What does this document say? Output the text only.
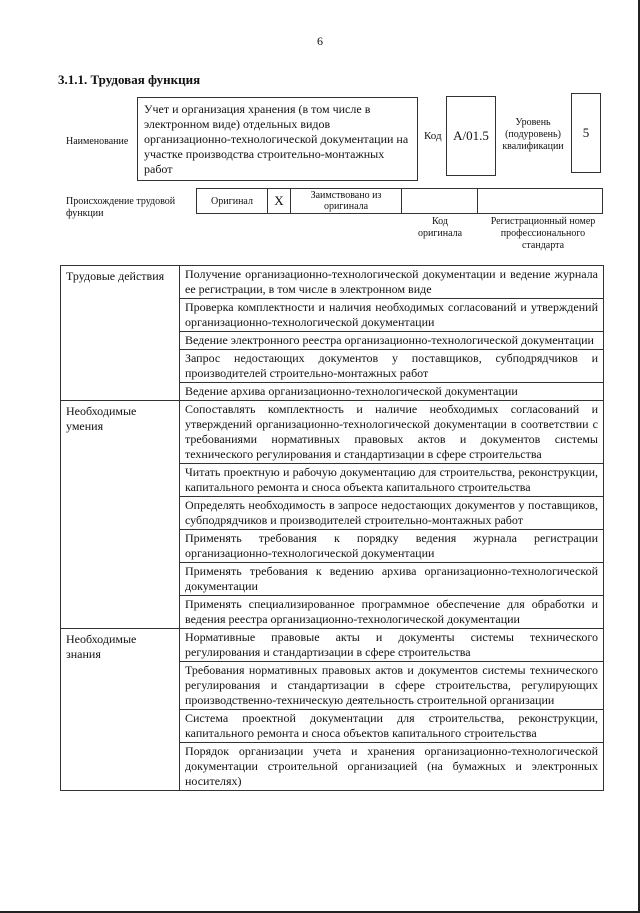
6
3.1.1. Трудовая функция
Наименование
Учет и организация хранения (в том числе в электронном виде) отдельных видов организационно-технологической документации на участке производства строительно-монтажных работ
Код A/01.5
Уровень (подуровень) квалификации
5
Происхождение трудовой функции
Оригинал	X	Заимствовано из оригинала		
Код оригинала
Регистрационный номер профессионального стандарта
Трудовые действия	Получение организационно-технологической документации и ведение журнала ее регистрации, в том числе в электронном виде
	Проверка комплектности и наличия необходимых согласований и утверждений организационно-технологической документации
	Ведение электронного реестра организационно-технологической документации
	Запрос недостающих документов у поставщиков, субподрядчиков и производителей строительно-монтажных работ
	Ведение архива организационно-технологической документации
Необходимые умения	Сопоставлять комплектность и наличие необходимых согласований и утверждений организационно-технологической документации в соответствии с требованиями нормативных правовых актов и документов системы технического регулирования и стандартизации в сфере строительства
	Читать проектную и рабочую документацию для строительства, реконструкции, капитального ремонта и сноса объекта капитального строительства
	Определять необходимость в запросе недостающих документов у поставщиков, субподрядчиков и производителей строительно-монтажных работ
	Применять требования к порядку ведения журнала регистрации организационно-технологической документации
	Применять требования к ведению архива организационно-технологической документации
	Применять специализированное программное обеспечение для обработки и ведения реестра организационно-технологической документации
Необходимые знания	Нормативные правовые акты и документы системы технического регулирования и стандартизации в сфере строительства
	Требования нормативных правовых актов и документов системы технического регулирования и стандартизации в сфере строительства, регулирующих производственно-техническую деятельность строительной организации
	Система проектной документации для строительства, реконструкции, капитального ремонта и сноса объектов капитального строительства
	Порядок организации учета и хранения организационно-технологической документации строительной организацией (на бумажных и электронных носителях)
